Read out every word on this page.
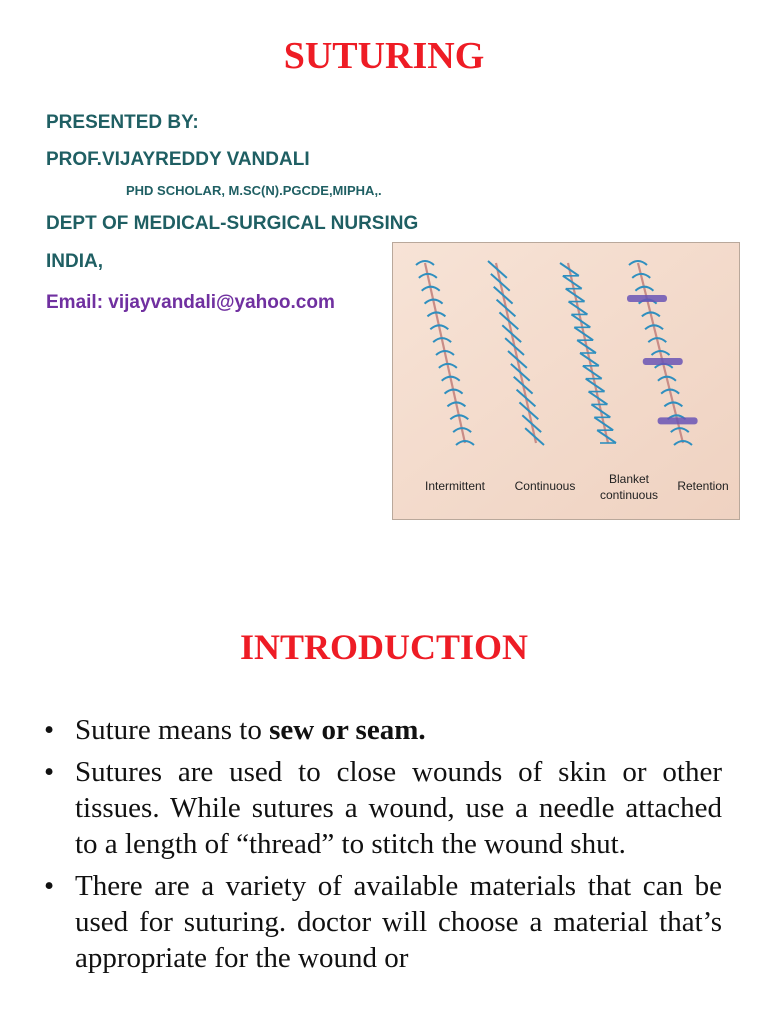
SUTURING
PRESENTED BY:
PROF.VIJAYREDDY VANDALI
PHD SCHOLAR, M.SC(N).PGCDE,MIPHA,.
DEPT OF MEDICAL-SURGICAL NURSING
INDIA,
Email: vijayvandali@yahoo.com
Intermittent Continuous	Blanket
continuous
Retention
INTRODUCTION
• Suture means to sew or seam.
• Sutures are used to close wounds of skin or other tissues. While sutures a wound, use a needle attached to a length of “thread” to stitch the wound shut.
• There are a variety of available materials that can be used for suturing. doctor will choose a material that’s appropriate for the wound or
